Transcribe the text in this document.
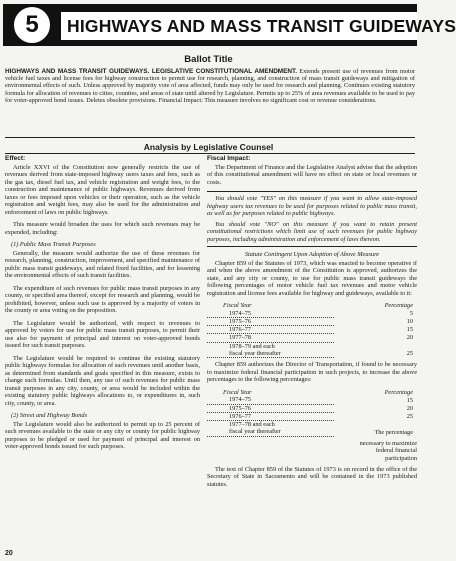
5	HIGHWAYS AND MASS TRANSIT GUIDEWAYS
Ballot Title
HIGHWAYS AND MASS TRANSIT GUIDEWAYS. LEGISLATIVE CONSTITUTIONAL AMENDMENT. Extends present use of revenues from motor vehicle fuel taxes and license fees for highway construction to permit use for research, planning, and construction of mass transit guideways and mitigation of environmental effects of such. Unless approved by majority vote of area affected, funds may only be used for research and planning. Continues existing statutory formula for allocation of revenues to cities, counties, and areas of state until altered by Legislature. Permits up to 25% of area revenues available to be used to pay for voter-approved bond issues. Deletes obsolete provisions. Financial Impact: This measure involves no significant cost or revenue considerations.
Analysis by Legislative Counsel
Effect:

Article XXVI of the Constitution now generally restricts the use of revenues derived from state-imposed highway users taxes and fees, such as the gas tax, diesel fuel tax, and vehicle registration and weight fees, to the construction and maintenance of public highways. Revenues derived from taxes or fees imposed upon vehicles or their operation, such as the vehicle registration and weight fees, may also be used for the administration and enforcement of laws on public highways.

This measure would broaden the uses for which such revenues may be expended, including:

(1) Public Mass Transit Purposes

Generally, the measure would authorize the use of these revenues for research, planning, construction, improvement, and specified maintenance of public mass transit guideways, and related fixed facilities, and for lessening the environmental effects of such transit facilities.

The expenditure of such revenues for public mass transit purposes in any county, or specified area thereof, except for research and planning, would be prohibited, however, unless such use is approved by a majority of voters in the county or area voting on the proposition.

The Legislature would be authorized, with respect to revenues to approved by voters for use for public mass transit purposes, to permit their use also for payment of principal and interest on voter-approved bonds issued for such transit purposes.

The Legislature would be required to continue the existing statutory public highways formulas for allocation of such revenues until another basis, as determined from standards and goals specified in this measure, exists to change such formulas. Until then, any use of such revenues for public mass transit purposes in any city, county, or area would be included within the existing statutory public highways allocations to, or expenditures in, such city, county, or area.

(2) Street and Highway Bonds

The Legislature would also be authorized to permit up to 25 percent of such revenues available to the state or any city or county for public highway purposes to be pledged or used for payment of principal and interest on voter-approved bonds issued for such purposes.

Fiscal Impact:

The Department of Finance and the Legislative Analyst advise that the adoption of this constitutional amendment will have no effect on state or local revenues or costs.

You should vote "YES" on this measure if you want to allow state-imposed highway users tax revenues to be used for purposes related to public mass transit, as well as for purposes related to public highways.

You should vote "NO" on this measure if you want to retain present constitutional restrictions which limit use of such revenues for public highway purposes, including administration and enforcement of laws thereon.

Statute Contingent Upon Adoption of Above Measure

Chapter 859 of the Statutes of 1973, which was enacted to become operative if and when the above amendment of the Constitution is approved, authorizes the state, and any city or county, to use for public mass transit guideways the following percentages of motor vehicle fuel tax revenues and motor vehicle registration and license fees available for highway and guideways, available to it:

Fiscal Year	Percentage
1974–75	5
1975–76	10
1976–77	15
1977–78	20
1978–79 and each	
fiscal year thereafter	25

Chapter 859 authorizes the Director of Transportation, if found to be necessary to maximize federal financial participation in such projects, to increase the above percentages to the following percentages:

Fiscal Year	Percentage
1974–75	15
1975–76	20
1976–77	25
1977–78 and each	
fiscal year thereafter	The percentage

necessary to maximize

federal financial

participation

The text of Chapter 859 of the Statutes of 1973 is on record in the office of the Secretary of State in Sacramento and will be contained in the 1973 published statutes.

20
